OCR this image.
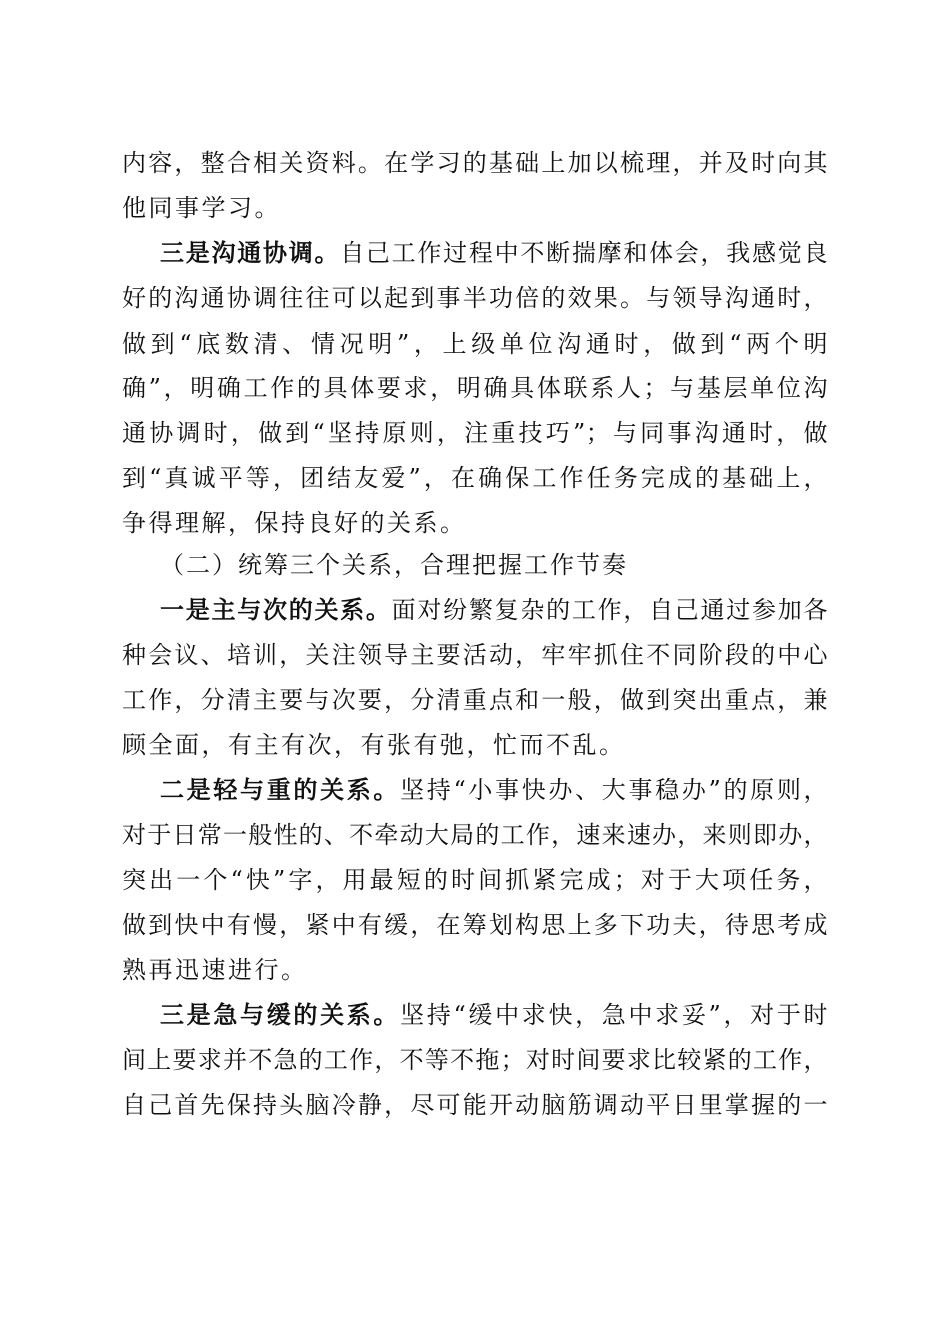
内容，整合相关资料。在学习的基础上加以梳理，并及时向其
他同事学习。
三是沟通协调。自己工作过程中不断揣摩和体会，我感觉良
好的沟通协调往往可以起到事半功倍的效果。与领导沟通时，
做到“底数清、情况明”，上级单位沟通时，做到“两个明
确”，明确工作的具体要求，明确具体联系人；与基层单位沟
通协调时，做到“坚持原则，注重技巧”；与同事沟通时，做
到“真诚平等，团结友爱”，在确保工作任务完成的基础上，
争得理解，保持良好的关系。
（二）统筹三个关系，合理把握工作节奏
一是主与次的关系。面对纷繁复杂的工作，自己通过参加各
种会议、培训，关注领导主要活动，牢牢抓住不同阶段的中心
工作，分清主要与次要，分清重点和一般，做到突出重点，兼
顾全面，有主有次，有张有弛，忙而不乱。
二是轻与重的关系。坚持“小事快办、大事稳办”的原则，
对于日常一般性的、不牵动大局的工作，速来速办，来则即办，
突出一个“快”字，用最短的时间抓紧完成；对于大项任务，
做到快中有慢，紧中有缓，在筹划构思上多下功夫，待思考成
熟再迅速进行。
三是急与缓的关系。坚持“缓中求快，急中求妥”，对于时
间上要求并不急的工作，不等不拖；对时间要求比较紧的工作，
自己首先保持头脑冷静，尽可能开动脑筋调动平日里掌握的一
